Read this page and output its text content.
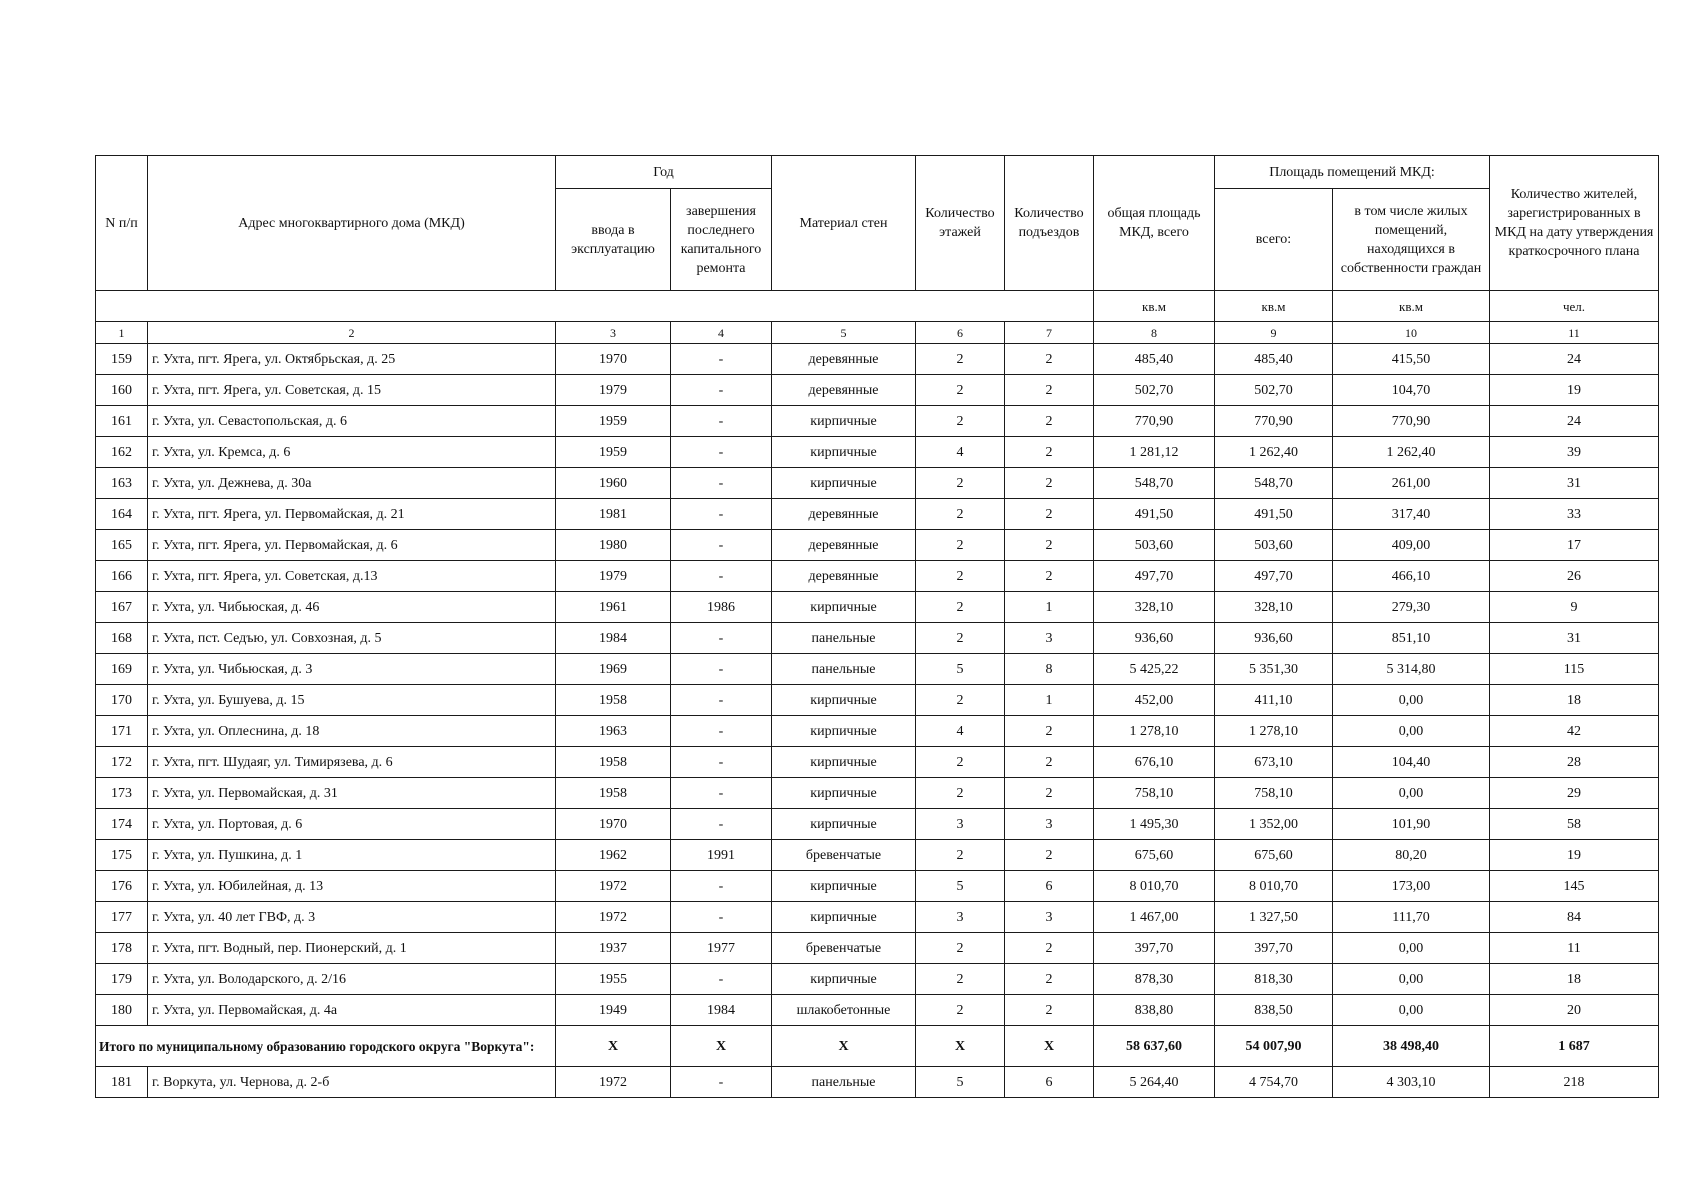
N п/п	Адрес многоквартирного дома (МКД)	Год		Материал стен	Количество этажей	Количество подъездов	общая площадь МКД, всего	Площадь помещений МКД:		Количество жителей, зарегистрированных в МКД на дату утверждения краткосрочного плана
		ввода в эксплуатацию	завершения последнего капитального ремонта					всего:	в том числе жилых помещений, находящихся в собственности граждан	
							кв.м	кв.м	кв.м	чел.
1	2	3	4	5	6	7	8	9	10	11
159	г. Ухта, пгт. Ярега, ул. Октябрьская, д. 25	1970	-	деревянные	2	2	485,40	485,40	415,50	24
160	г. Ухта, пгт. Ярега, ул. Советская, д. 15	1979	-	деревянные	2	2	502,70	502,70	104,70	19
161	г. Ухта, ул. Севастопольская, д. 6	1959	-	кирпичные	2	2	770,90	770,90	770,90	24
162	г. Ухта, ул. Кремса, д. 6	1959	-	кирпичные	4	2	1 281,12	1 262,40	1 262,40	39
163	г. Ухта, ул. Дежнева, д. 30а	1960	-	кирпичные	2	2	548,70	548,70	261,00	31
164	г. Ухта, пгт. Ярега, ул. Первомайская, д. 21	1981	-	деревянные	2	2	491,50	491,50	317,40	33
165	г. Ухта, пгт. Ярега, ул. Первомайская, д. 6	1980	-	деревянные	2	2	503,60	503,60	409,00	17
166	г. Ухта, пгт. Ярега, ул. Советская, д.13	1979	-	деревянные	2	2	497,70	497,70	466,10	26
167	г. Ухта, ул. Чибьюская, д. 46	1961	1986	кирпичные	2	1	328,10	328,10	279,30	9
168	г. Ухта, пст. Седъю, ул. Совхозная, д. 5	1984	-	панельные	2	3	936,60	936,60	851,10	31
169	г. Ухта, ул. Чибьюская, д. 3	1969	-	панельные	5	8	5 425,22	5 351,30	5 314,80	115
170	г. Ухта, ул. Бушуева, д. 15	1958	-	кирпичные	2	1	452,00	411,10	0,00	18
171	г. Ухта, ул. Оплеснина, д. 18	1963	-	кирпичные	4	2	1 278,10	1 278,10	0,00	42
172	г. Ухта, пгт. Шудаяг, ул. Тимирязева, д. 6	1958	-	кирпичные	2	2	676,10	673,10	104,40	28
173	г. Ухта, ул. Первомайская, д. 31	1958	-	кирпичные	2	2	758,10	758,10	0,00	29
174	г. Ухта, ул. Портовая, д. 6	1970	-	кирпичные	3	3	1 495,30	1 352,00	101,90	58
175	г. Ухта, ул. Пушкина, д. 1	1962	1991	бревенчатые	2	2	675,60	675,60	80,20	19
176	г. Ухта, ул. Юбилейная, д. 13	1972	-	кирпичные	5	6	8 010,70	8 010,70	173,00	145
177	г. Ухта, ул. 40 лет ГВФ, д. 3	1972	-	кирпичные	3	3	1 467,00	1 327,50	111,70	84
178	г. Ухта, пгт. Водный, пер. Пионерский, д. 1	1937	1977	бревенчатые	2	2	397,70	397,70	0,00	11
179	г. Ухта, ул. Володарского, д. 2/16	1955	-	кирпичные	2	2	878,30	818,30	0,00	18
180	г. Ухта, ул. Первомайская, д. 4а	1949	1984	шлакобетонные	2	2	838,80	838,50	0,00	20
Итого по муниципальному образованию городского округа "Воркута":		X	X	X	X	X	58 637,60	54 007,90	38 498,40	1 687
181	г. Воркута, ул. Чернова, д. 2-б	1972	-	панельные	5	6	5 264,40	4 754,70	4 303,10	218
